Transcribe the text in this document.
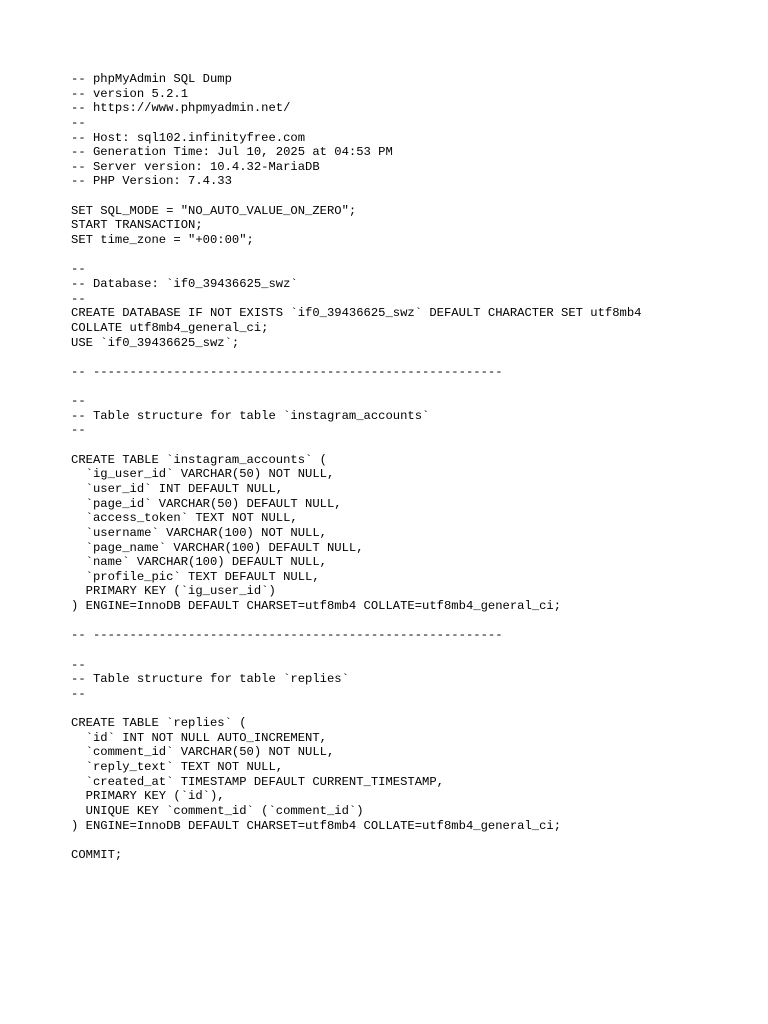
-- phpMyAdmin SQL Dump
-- version 5.2.1
-- https://www.phpmyadmin.net/
--
-- Host: sql102.infinityfree.com
-- Generation Time: Jul 10, 2025 at 04:53 PM
-- Server version: 10.4.32-MariaDB
-- PHP Version: 7.4.33
SET SQL_MODE = "NO_AUTO_VALUE_ON_ZERO";
START TRANSACTION;
SET time_zone = "+00:00";
--
-- Database: `if0_39436625_swz`
--
CREATE DATABASE IF NOT EXISTS `if0_39436625_swz` DEFAULT CHARACTER SET utf8mb4
COLLATE utf8mb4_general_ci;
USE `if0_39436625_swz`;
-- --------------------------------------------------------
--
-- Table structure for table `instagram_accounts`
--
CREATE TABLE `instagram_accounts` (
`ig_user_id` VARCHAR(50) NOT NULL,
`user_id` INT DEFAULT NULL,
`page_id` VARCHAR(50) DEFAULT NULL,
`access_token` TEXT NOT NULL,
`username` VARCHAR(100) NOT NULL,
`page_name` VARCHAR(100) DEFAULT NULL,
`name` VARCHAR(100) DEFAULT NULL,
`profile_pic` TEXT DEFAULT NULL,
PRIMARY KEY (`ig_user_id`)
) ENGINE=InnoDB DEFAULT CHARSET=utf8mb4 COLLATE=utf8mb4_general_ci;
-- --------------------------------------------------------
--
-- Table structure for table `replies`
--
CREATE TABLE `replies` (
`id` INT NOT NULL AUTO_INCREMENT,
`comment_id` VARCHAR(50) NOT NULL,
`reply_text` TEXT NOT NULL,
`created_at` TIMESTAMP DEFAULT CURRENT_TIMESTAMP,
PRIMARY KEY (`id`),
UNIQUE KEY `comment_id` (`comment_id`)
) ENGINE=InnoDB DEFAULT CHARSET=utf8mb4 COLLATE=utf8mb4_general_ci;
COMMIT;
